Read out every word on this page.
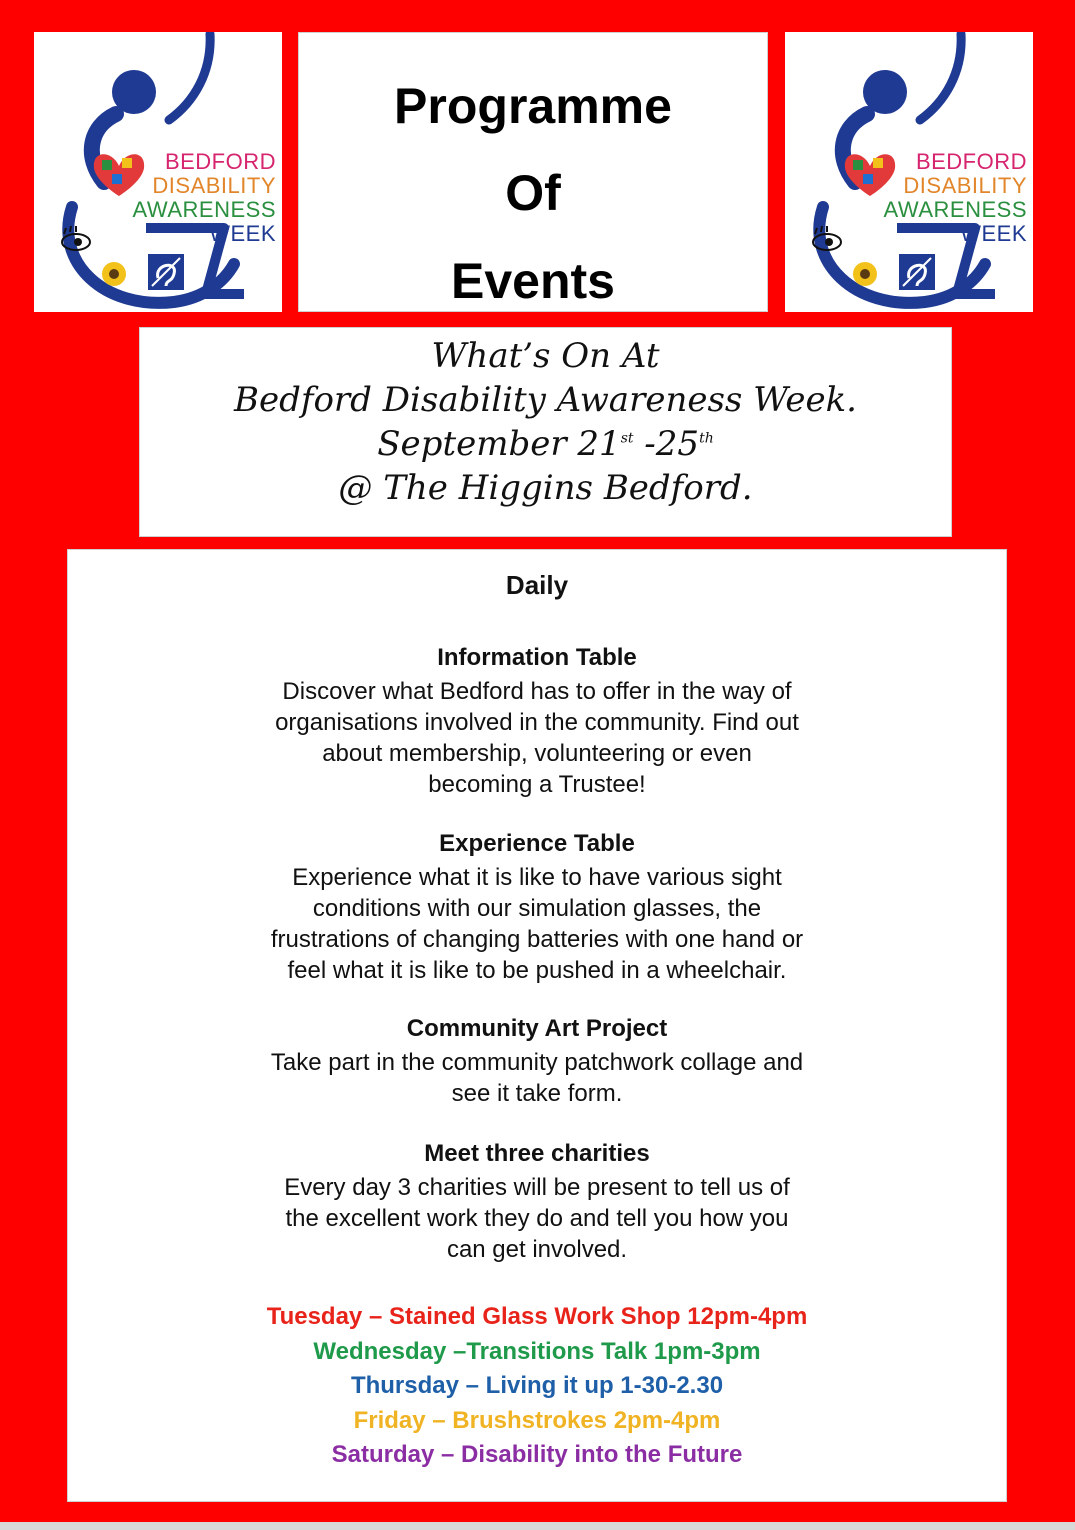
BEDFORD
DISABILITY
AWARENESS
WEEK
Programme
Of
Events
BEDFORD
DISABILITY
AWARENESS
WEEK
What’s On At
Bedford Disability Awareness Week.
September 21st -25th
@ The Higgins Bedford.
Daily
Information Table
Discover what Bedford has to offer in the way of
organisations involved in the community. Find out
about membership, volunteering or even
becoming a Trustee!
Experience Table
Experience what it is like to have various sight
conditions with our simulation glasses, the
frustrations of changing batteries with one hand or
feel what it is like to be pushed in a wheelchair.
Community Art Project
Take part in the community patchwork collage and
see it take form.
Meet three charities
Every day 3 charities will be present to tell us of
the excellent work they do and tell you how you
can get involved.
Tuesday – Stained Glass Work Shop 12pm-4pm
Wednesday –Transitions Talk 1pm-3pm
Thursday – Living it up 1-30-2.30
Friday – Brushstrokes 2pm-4pm
Saturday – Disability into the Future
